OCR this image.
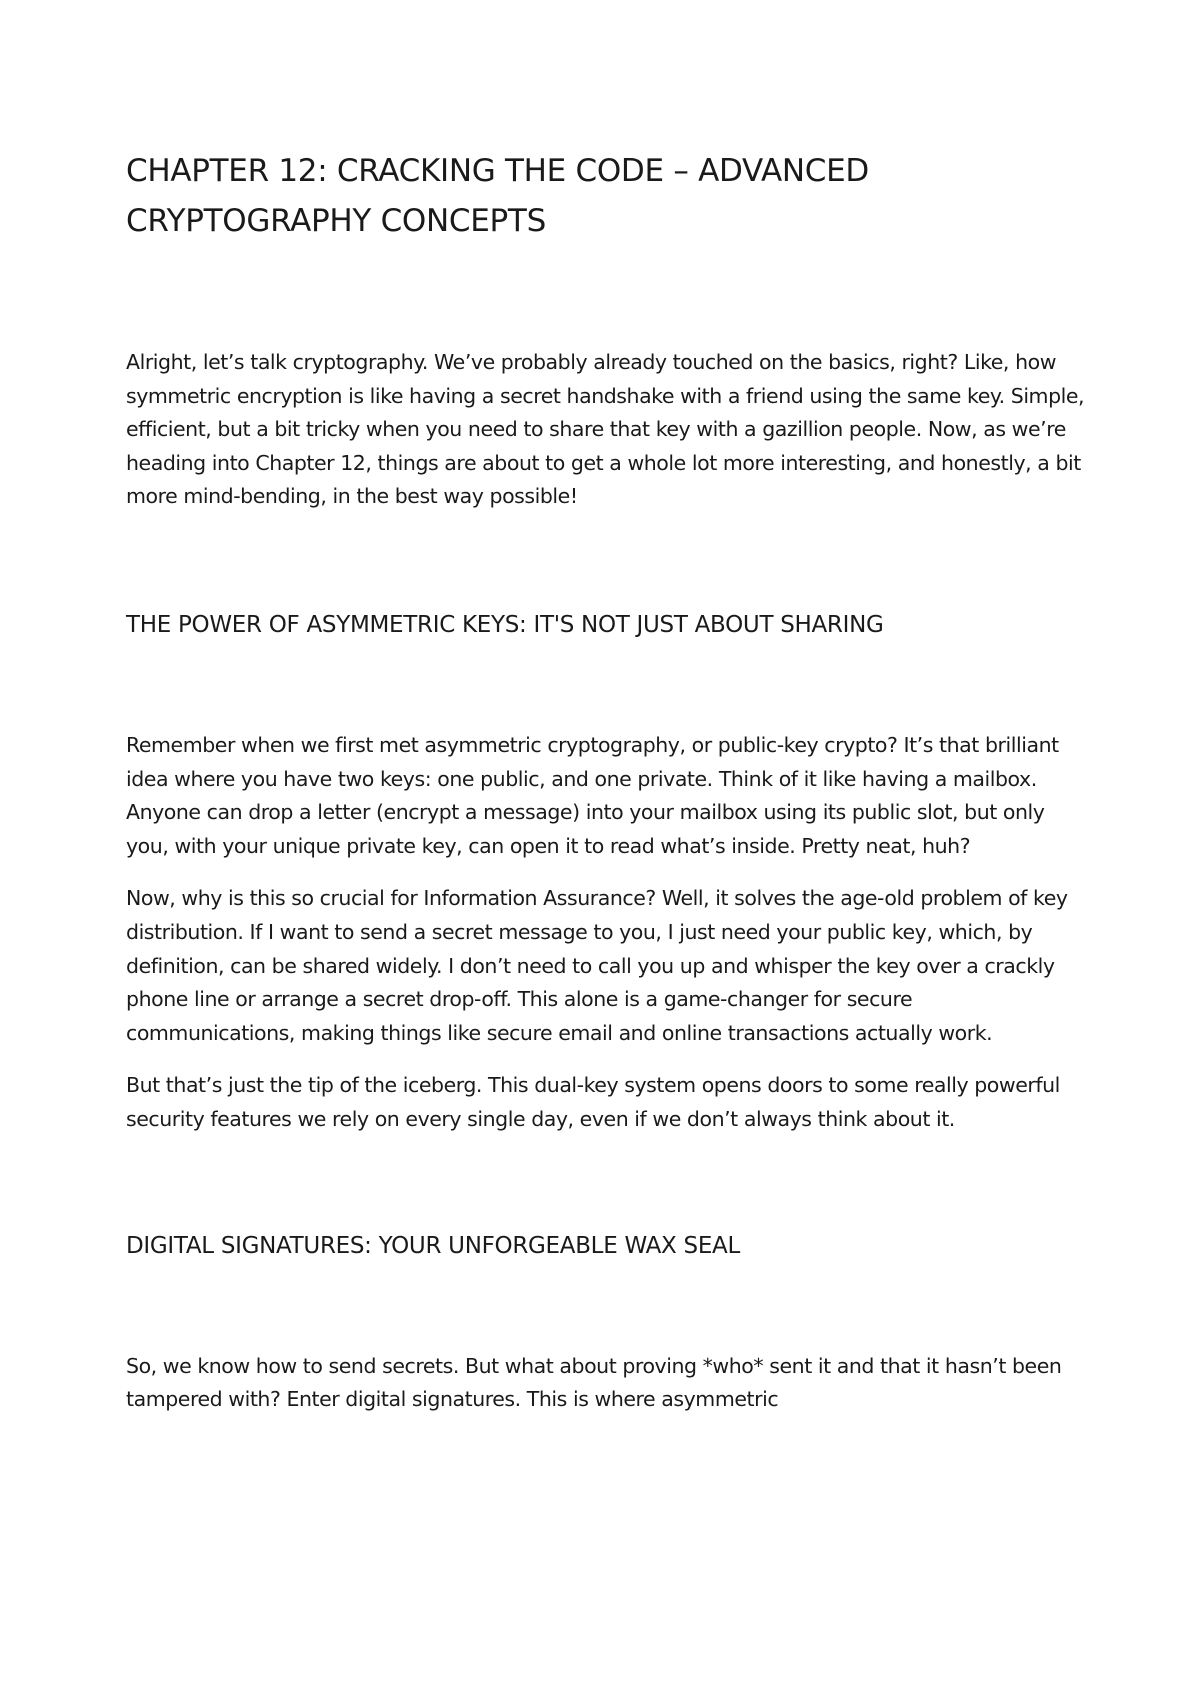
CHAPTER 12: CRACKING THE CODE – ADVANCED CRYPTOGRAPHY CONCEPTS

Alright, let’s talk cryptography. We’ve probably already touched on the basics, right? Like, how symmetric encryption is like having a secret handshake with a friend using the same key. Simple, efficient, but a bit tricky when you need to share that key with a gazillion people. Now, as we’re heading into Chapter 12, things are about to get a whole lot more interesting, and honestly, a bit more mind-bending, in the best way possible!

THE POWER OF ASYMMETRIC KEYS: IT'S NOT JUST ABOUT SHARING

Remember when we first met asymmetric cryptography, or public-key crypto? It’s that brilliant idea where you have two keys: one public, and one private. Think of it like having a mailbox. Anyone can drop a letter (encrypt a message) into your mailbox using its public slot, but only you, with your unique private key, can open it to read what’s inside. Pretty neat, huh?

Now, why is this so crucial for Information Assurance? Well, it solves the age-old problem of key distribution. If I want to send a secret message to you, I just need your public key, which, by definition, can be shared widely. I don’t need to call you up and whisper the key over a crackly phone line or arrange a secret drop-off. This alone is a game-changer for secure communications, making things like secure email and online transactions actually work.

But that’s just the tip of the iceberg. This dual-key system opens doors to some really powerful security features we rely on every single day, even if we don’t always think about it.

DIGITAL SIGNATURES: YOUR UNFORGEABLE WAX SEAL

So, we know how to send secrets. But what about proving *who* sent it and that it hasn’t been tampered with? Enter digital signatures. This is where asymmetric
